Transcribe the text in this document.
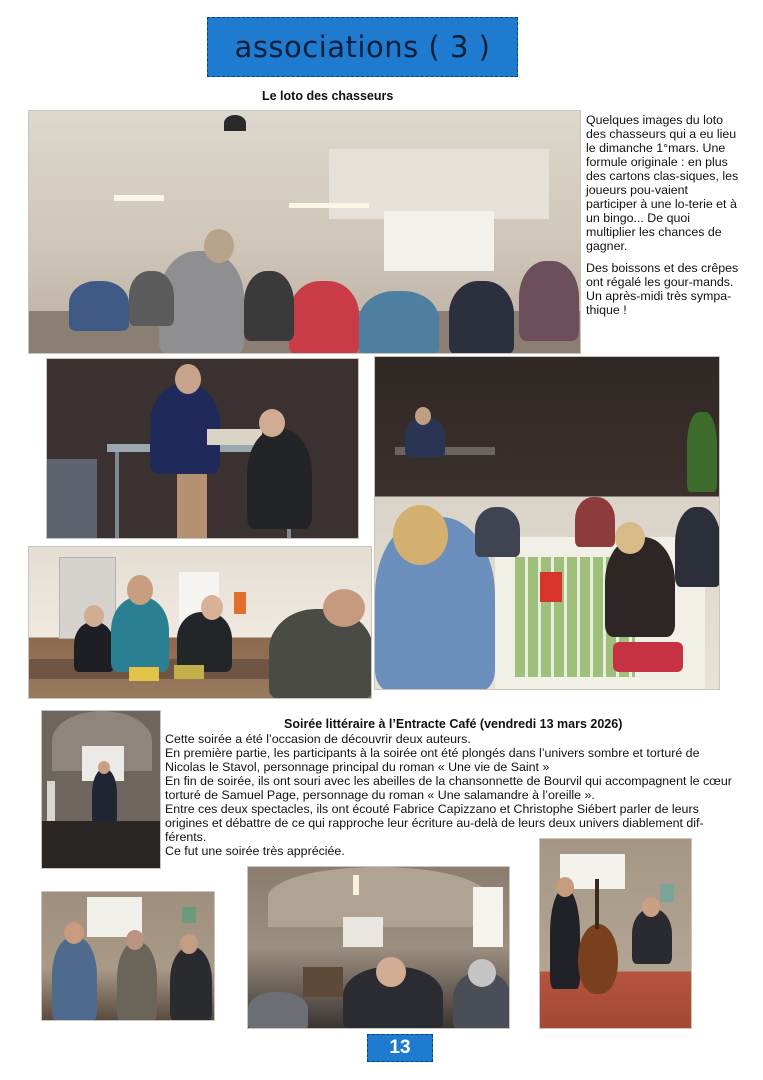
associations ( 3 )
Le loto des chasseurs

Quelques images du loto des chasseurs qui a eu lieu le dimanche 1°mars. Une formule originale : en plus des cartons clas-siques, les joueurs pou-vaient participer à une lo-terie et à un bingo... De quoi multiplier les chances de gagner.

Des boissons et des crêpes ont régalé les gour-mands.

Un après-midi très sympa-thique !

Soirée littéraire à l’Entracte Café (vendredi 13 mars 2026)

Cette soirée a été l’occasion de découvrir deux auteurs.

En première partie, les participants à la soirée ont été plongés dans l’univers sombre et torturé de Nicolas le Stavol, personnage principal du roman « Une vie de Saint »

En fin de soirée, ils ont souri avec les abeilles de la chansonnette de Bourvil qui accompagnent le cœur torturé de Samuel Page, personnage du roman « Une salamandre à l’oreille ».

Entre ces deux spectacles, ils ont écouté Fabrice Capizzano et Christophe Siébert parler de leurs origines et débattre de ce qui rapproche leur écriture au-delà de leurs deux univers diablement dif-férents.

Ce fut une soirée très appréciée.

13
